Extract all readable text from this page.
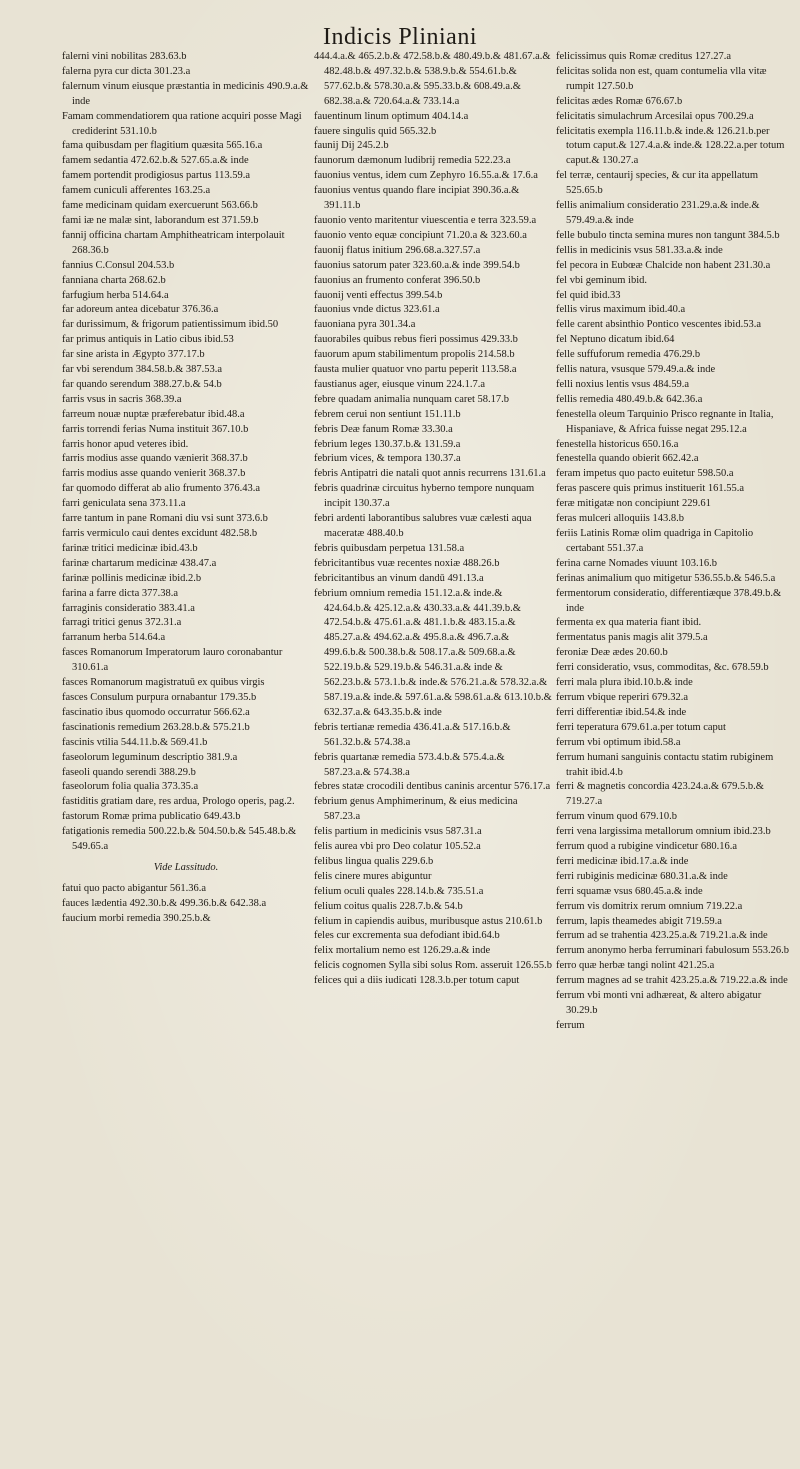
Indicis Pliniani
falerni vini nobilitas 283.63.b
falerna pyra cur dicta 301.23.a
falernum vinum eiusque præstantia in medicinis 490.9.a.& inde
Famam commendatiorem qua ratione acquiri posse Magi crediderint 531.10.b
fama quibusdam per flagitium quæsita 565.16.a
famem sedantia 472.62.b.& 527.65.a.& inde
famem portendit prodigiosus partus 113.59.a
famem cuniculi afferentes 163.25.a
fame medicinam quidam exercuerunt 563.66.b
fami iæ ne malæ sint, laborandum est 371.59.b
fannij officina chartam Amphitheatricam interpolauit 268.36.b
fannius C.Consul 204.53.b
fanniana charta 268.62.b
farfugium herba 514.64.a
far adoreum antea dicebatur 376.36.a
far durissimum, & frigorum patientissimum ibid.50
far primus antiquis in Latio cibus ibid.53
far sine arista in Ægypto 377.17.b
far vbi serendum 384.58.b.& 387.53.a
far quando serendum 388.27.b.& 54.b
farris vsus in sacris 368.39.a
farreum nouæ nuptæ præferebatur ibid.48.a
farris torrendi ferias Numa instituit 367.10.b
farris honor apud veteres ibid.
farris modius asse quando vænierit 368.37.b
farris modius asse quando venierit 368.37.b
far quomodo differat ab alio frumento 376.43.a
farri geniculata sena 373.11.a
farre tantum in pane Romani diu vsi sunt 373.6.b
farris vermiculo caui dentes excidunt 482.58.b
farinæ tritici medicinæ ibid.43.b
farinæ chartarum medicinæ 438.47.a
farinæ pollinis medicinæ ibid.2.b
farina a farre dicta 377.38.a
farraginis consideratio 383.41.a
farragi tritici genus 372.31.a
farranum herba 514.64.a
fasces Romanorum Imperatorum lauro coronabantur 310.61.a
fasces Romanorum magistratuū ex quibus virgis
fasces Consulum purpura ornabantur 179.35.b
fascinatio ibus quomodo occurratur 566.62.a
fascinationis remedium 263.28.b.& 575.21.b
fascinis vtilia 544.11.b.& 569.41.b
faseolorum leguminum descriptio 381.9.a
faseoli quando serendi 388.29.b
faseolorum folia qualia 373.35.a
fastiditis gratiam dare, res ardua, Prologo operis, pag.2.
fastorum Romæ prima publicatio 649.43.b
fatigationis remedia 500.22.b.& 504.50.b.& 545.48.b.& 549.65.a
Vide Lassitudo.
fatui quo pacto abigantur 561.36.a
fauces lædentia 492.30.b.& 499.36.b.& 642.38.a
faucium morbi remedia 390.25.b.&
444.4.a.& 465.2.b.& 472.58.b.& 480.49.b.& 481.67.a.& 482.48.b.& 497.32.b.& 538.9.b.& 554.61.b.& 577.62.b.& 578.30.a.& 595.33.b.& 608.49.a.& 682.38.a.& 720.64.a.& 733.14.a
fauentinum linum optimum 404.14.a
fauere singulis quid 565.32.b
faunij Dij 245.2.b
faunorum dæmonum ludibrij remedia 522.23.a
fauonius ventus, idem cum Zephyro 16.55.a.& 17.6.a
fauonius ventus quando flare incipiat 390.36.a.& 391.11.b
fauonio vento maritentur viuescentia e terra 323.59.a
fauonio vento equæ concipiunt 71.20.a & 323.60.a
fauonij flatus initium 296.68.a.327.57.a
fauonius satorum pater 323.60.a.& inde 399.54.b
fauonius an frumento conferat 396.50.b
fauonij venti effectus 399.54.b
fauonius vnde dictus 323.61.a
fauoniana pyra 301.34.a
fauorabiles quibus rebus fieri possimus 429.33.b
fauorum apum stabilimentum propolis 214.58.b
fausta mulier quatuor vno partu peperit 113.58.a
faustianus ager, eiusque vinum 224.1.7.a
febre quadam animalia nunquam caret 58.17.b
febrem cerui non sentiunt 151.11.b
febris Deæ fanum Romæ 33.30.a
febrium leges 130.37.b.& 131.59.a
febrium vices, & tempora 130.37.a
febris Antipatri die natali quot annis recurrens 131.61.a
febris quadrinæ circuitus hyberno tempore nunquam incipit 130.37.a
febri ardenti laborantibus salubres vuæ cælesti aqua maceratæ 488.40.b
febris quibusdam perpetua 131.58.a
febricitantibus vuæ recentes noxiæ 488.26.b
febricitantibus an vinum dandū 491.13.a
febrium omnium remedia 151.12.a.& inde.& 424.64.b.& 425.12.a.& 430.33.a.& 441.39.b.& 472.54.b.& 475.61.a.& 481.1.b.& 483.15.a.& 485.27.a.& 494.62.a.& 495.8.a.& 496.7.a.& 499.6.b.& 500.38.b.& 508.17.a.& 509.68.a.& 522.19.b.& 529.19.b.& 546.31.a.& inde & 562.23.b.& 573.1.b.& inde.& 576.21.a.& 578.32.a.& 587.19.a.& inde.& 597.61.a.& 598.61.a.& 613.10.b.& 632.37.a.& 643.35.b.& inde
febris tertianæ remedia 436.41.a.& 517.16.b.& 561.32.b.& 574.38.a
febris quartanæ remedia 573.4.b.& 575.4.a.& 587.23.a.& 574.38.a
febres statæ crocodili dentibus caninis arcentur 576.17.a
febrium genus Amphimerinum, & eius medicina 587.23.a
felis partium in medicinis vsus 587.31.a
felis aurea vbi pro Deo colatur 105.52.a
felibus lingua qualis 229.6.b
felis cinere mures abiguntur
felium oculi quales 228.14.b.& 735.51.a
felium coitus qualis 228.7.b.& 54.b
felium in capiendis auibus, muribusque astus 210.61.b
feles cur excrementa sua defodiant ibid.64.b
felix mortalium nemo est 126.29.a.& inde
felicis cognomen Sylla sibi solus Rom. asseruit 126.55.b
felices qui a diis iudicati 128.3.b.per totum caput
felicissimus quis Romæ creditus 127.27.a
felicitas solida non est, quam contumelia vlla vitæ rumpit 127.50.b
felicitas ædes Romæ 676.67.b
felicitatis simulachrum Arcesilai opus 700.29.a
felicitatis exempla 116.11.b.& inde.& 126.21.b.per totum caput.& 127.4.a.& inde.& 128.22.a.per totum caput.& 130.27.a
fel terræ, centaurij species, & cur ita appellatum 525.65.b
fellis animalium consideratio 231.29.a.& inde.& 579.49.a.& inde
felle bubulo tincta semina mures non tangunt 384.5.b
fellis in medicinis vsus 581.33.a.& inde
fel pecora in Eubœæ Chalcide non habent 231.30.a
fel vbi geminum ibid.
fel quid ibid.33
fellis virus maximum ibid.40.a
felle carent absinthio Pontico vescentes ibid.53.a
fel Neptuno dicatum ibid.64
felle suffuforum remedia 476.29.b
fellis natura, vsusque 579.49.a.& inde
felli noxius lentis vsus 484.59.a
fellis remedia 480.49.b.& 642.36.a
fenestella oleum Tarquinio Prisco regnante in Italia, Hispaniave, & Africa fuisse negat 295.12.a
fenestella historicus 650.16.a
fenestella quando obierit 662.42.a
feram impetus quo pacto euitetur 598.50.a
feras pascere quis primus instituerit 161.55.a
feræ mitigatæ non concipiunt 229.61
feras mulceri alloquiis 143.8.b
feriis Latinis Romæ olim quadriga in Capitolio certabant 551.37.a
ferina carne Nomades viuunt 103.16.b
ferinas animalium quo mitigetur 536.55.b.& 546.5.a
fermentorum consideratio, differentiæque 378.49.b.& inde
fermenta ex qua materia fiant ibid.
fermentatus panis magis alit 379.5.a
feroniæ Deæ ædes 20.60.b
ferri consideratio, vsus, commoditas, &c. 678.59.b
ferri mala plura ibid.10.b.& inde
ferrum vbique reperiri 679.32.a
ferri differentiæ ibid.54.& inde
ferri teperatura 679.61.a.per totum caput
ferrum vbi optimum ibid.58.a
ferrum humani sanguinis contactu statim rubiginem trahit ibid.4.b
ferri & magnetis concordia 423.24.a.& 679.5.b.& 719.27.a
ferrum vinum quod 679.10.b
ferri vena largissima metallorum omnium ibid.23.b
ferrum quod a rubigine vindicetur 680.16.a
ferri medicinæ ibid.17.a.& inde
ferri rubiginis medicinæ 680.31.a.& inde
ferri squamæ vsus 680.45.a.& inde
ferrum vis domitrix rerum omnium 719.22.a
ferrum, lapis theamedes abigit 719.59.a
ferrum ad se trahentia 423.25.a.& 719.21.a.& inde
ferrum anonymo herba ferruminari fabulosum 553.26.b
ferro quæ herbæ tangi nolint 421.25.a
ferrum magnes ad se trahit 423.25.a.& 719.22.a.& inde
ferrum vbi monti vni adhæreat, & altero abigatur 30.29.b
ferrum
